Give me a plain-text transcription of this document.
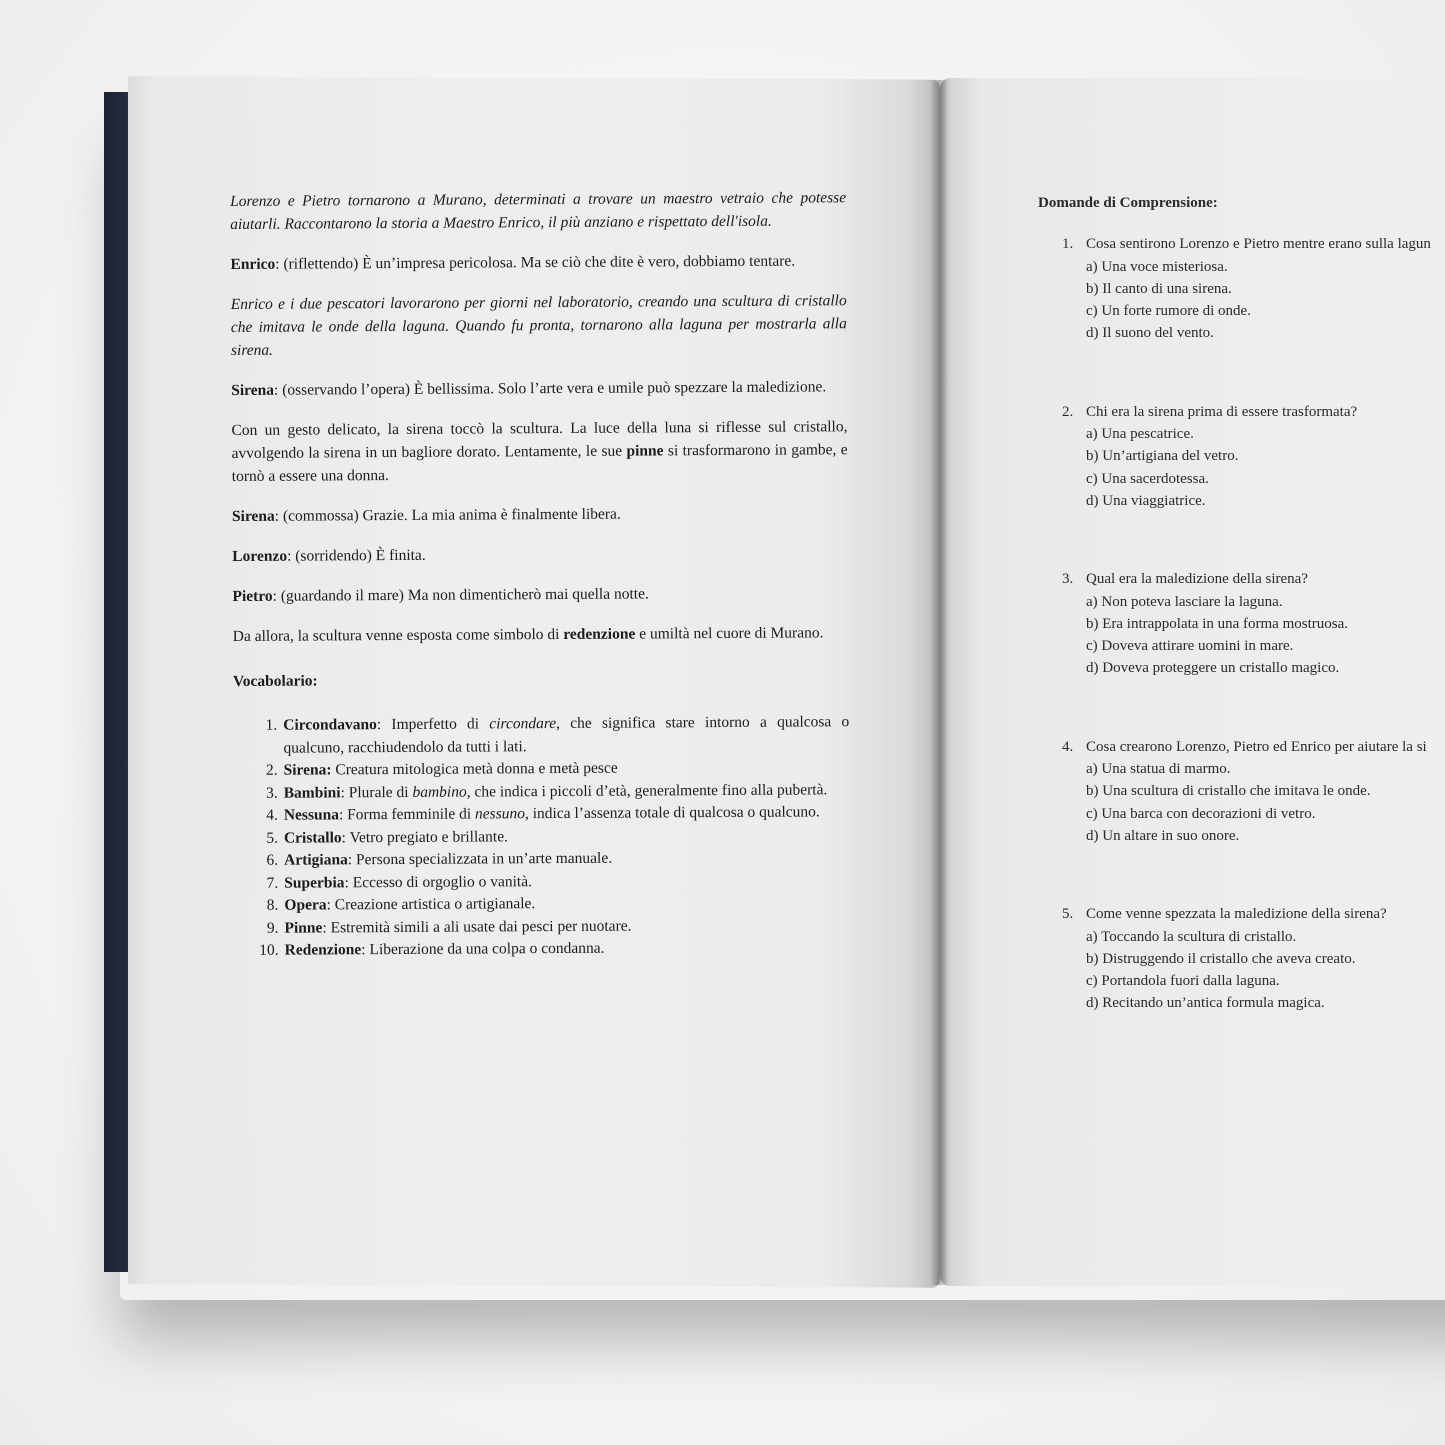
Lorenzo e Pietro tornarono a Murano, determinati a trovare un maestro vetraio che potesse aiutarli. Raccontarono la storia a Maestro Enrico, il più anziano e rispettato dell'isola.

Enrico: (riflettendo) È un’impresa pericolosa. Ma se ciò che dite è vero, dobbiamo tentare.

Enrico e i due pescatori lavorarono per giorni nel laboratorio, creando una scultura di cristallo che imitava le onde della laguna. Quando fu pronta, tornarono alla laguna per mostrarla alla sirena.

Sirena: (osservando l’opera) È bellissima. Solo l’arte vera e umile può spezzare la maledizione.

Con un gesto delicato, la sirena toccò la scultura. La luce della luna si riflesse sul cristallo, avvolgendo la sirena in un bagliore dorato. Lentamente, le sue pinne si trasformarono in gambe, e tornò a essere una donna.

Sirena: (commossa) Grazie. La mia anima è finalmente libera.

Lorenzo: (sorridendo) È finita.

Pietro: (guardando il mare) Ma non dimenticherò mai quella notte.

Da allora, la scultura venne esposta come simbolo di redenzione e umiltà nel cuore di Murano.

Vocabolario:
1. Circondavano: Imperfetto di circondare, che significa stare intorno a qualcosa o qualcuno, racchiudendolo da tutti i lati.
2. Sirena: Creatura mitologica metà donna e metà pesce
3. Bambini: Plurale di bambino, che indica i piccoli d’età, generalmente fino alla pubertà.
4. Nessuna: Forma femminile di nessuno, indica l’assenza totale di qualcosa o qualcuno.
5. Cristallo: Vetro pregiato e brillante.
6. Artigiana: Persona specializzata in un’arte manuale.
7. Superbia: Eccesso di orgoglio o vanità.
8. Opera: Creazione artistica o artigianale.
9. Pinne: Estremità simili a ali usate dai pesci per nuotare.
10. Redenzione: Liberazione da una colpa o condanna.
Domande di Comprensione:
1. Cosa sentirono Lorenzo e Pietro mentre erano sulla lagun
a) Una voce misteriosa.
b) Il canto di una sirena.
c) Un forte rumore di onde.
d) Il suono del vento.
2. Chi era la sirena prima di essere trasformata?
a) Una pescatrice.
b) Un’artigiana del vetro.
c) Una sacerdotessa.
d) Una viaggiatrice.
3. Qual era la maledizione della sirena?
a) Non poteva lasciare la laguna.
b) Era intrappolata in una forma mostruosa.
c) Doveva attirare uomini in mare.
d) Doveva proteggere un cristallo magico.
4. Cosa crearono Lorenzo, Pietro ed Enrico per aiutare la si
a) Una statua di marmo.
b) Una scultura di cristallo che imitava le onde.
c) Una barca con decorazioni di vetro.
d) Un altare in suo onore.
5. Come venne spezzata la maledizione della sirena?
a) Toccando la scultura di cristallo.
b) Distruggendo il cristallo che aveva creato.
c) Portandola fuori dalla laguna.
d) Recitando un’antica formula magica.
